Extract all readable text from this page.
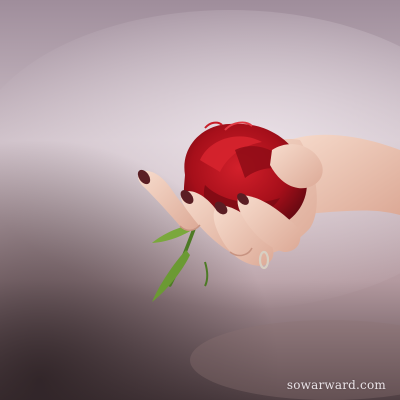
sowarward.com
